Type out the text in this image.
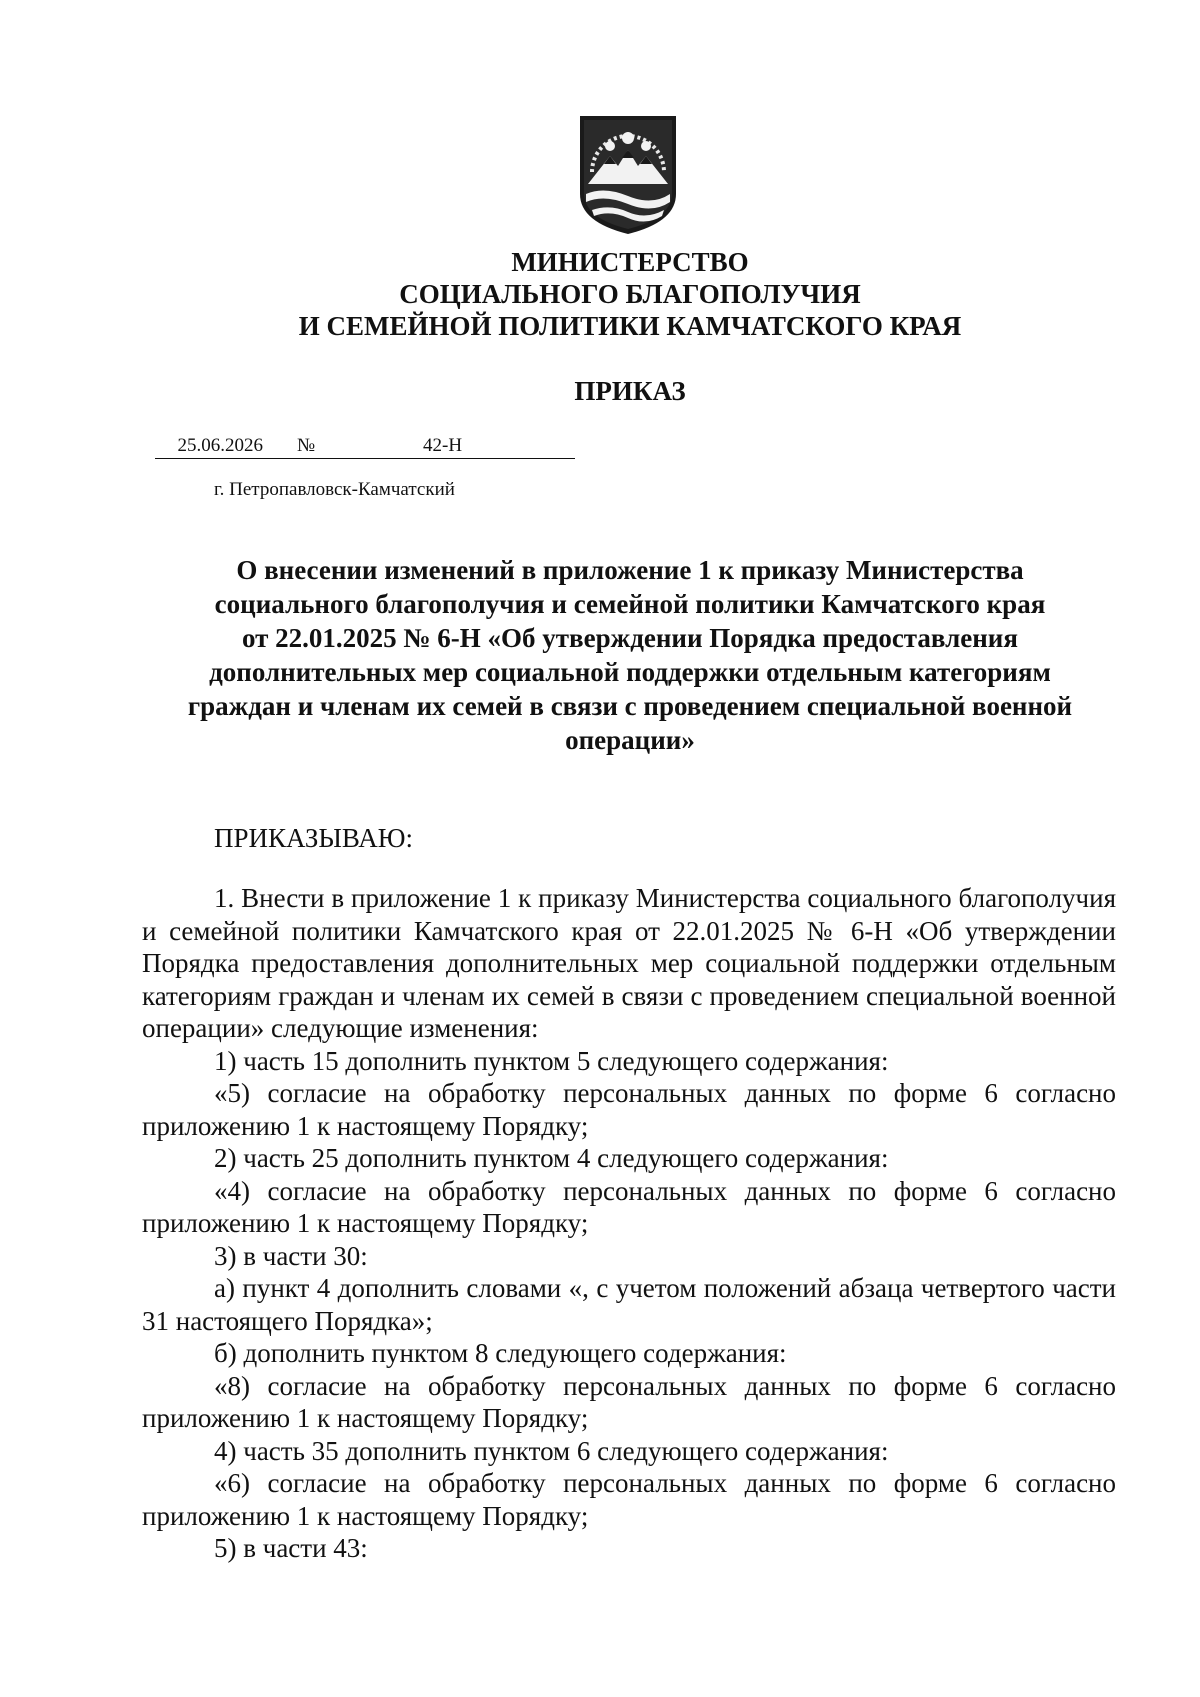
МИНИСТЕРСТВО
СОЦИАЛЬНОГО БЛАГОПОЛУЧИЯ
И СЕМЕЙНОЙ ПОЛИТИКИ КАМЧАТСКОГО КРАЯ
ПРИКАЗ
25.06.2026	№	42-Н
г. Петропавловск-Камчатский
О внесении изменений в приложение 1 к приказу Министерства
социального благополучия и семейной политики Камчатского края
от 22.01.2025 № 6-Н «Об утверждении Порядка предоставления
дополнительных мер социальной поддержки отдельным категориям
граждан и членам их семей в связи с проведением специальной военной
операции»
ПРИКАЗЫВАЮ:

1. Внести в приложение 1 к приказу Министерства социального благополучия и семейной политики Камчатского края от 22.01.2025 № 6-Н «Об утверждении Порядка предоставления дополнительных мер социальной поддержки отдельным категориям граждан и членам их семей в связи с проведением специальной военной операции» следующие изменения:

1) часть 15 дополнить пунктом 5 следующего содержания:

«5) согласие на обработку персональных данных по форме 6 согласно приложению 1 к настоящему Порядку;

2) часть 25 дополнить пунктом 4 следующего содержания:

«4) согласие на обработку персональных данных по форме 6 согласно приложению 1 к настоящему Порядку;

3) в части 30:

а) пункт 4 дополнить словами «, с учетом положений абзаца четвертого части 31 настоящего Порядка»;

б) дополнить пунктом 8 следующего содержания:

«8) согласие на обработку персональных данных по форме 6 согласно приложению 1 к настоящему Порядку;

4) часть 35 дополнить пунктом 6 следующего содержания:

«6) согласие на обработку персональных данных по форме 6 согласно приложению 1 к настоящему Порядку;

5) в части 43:
